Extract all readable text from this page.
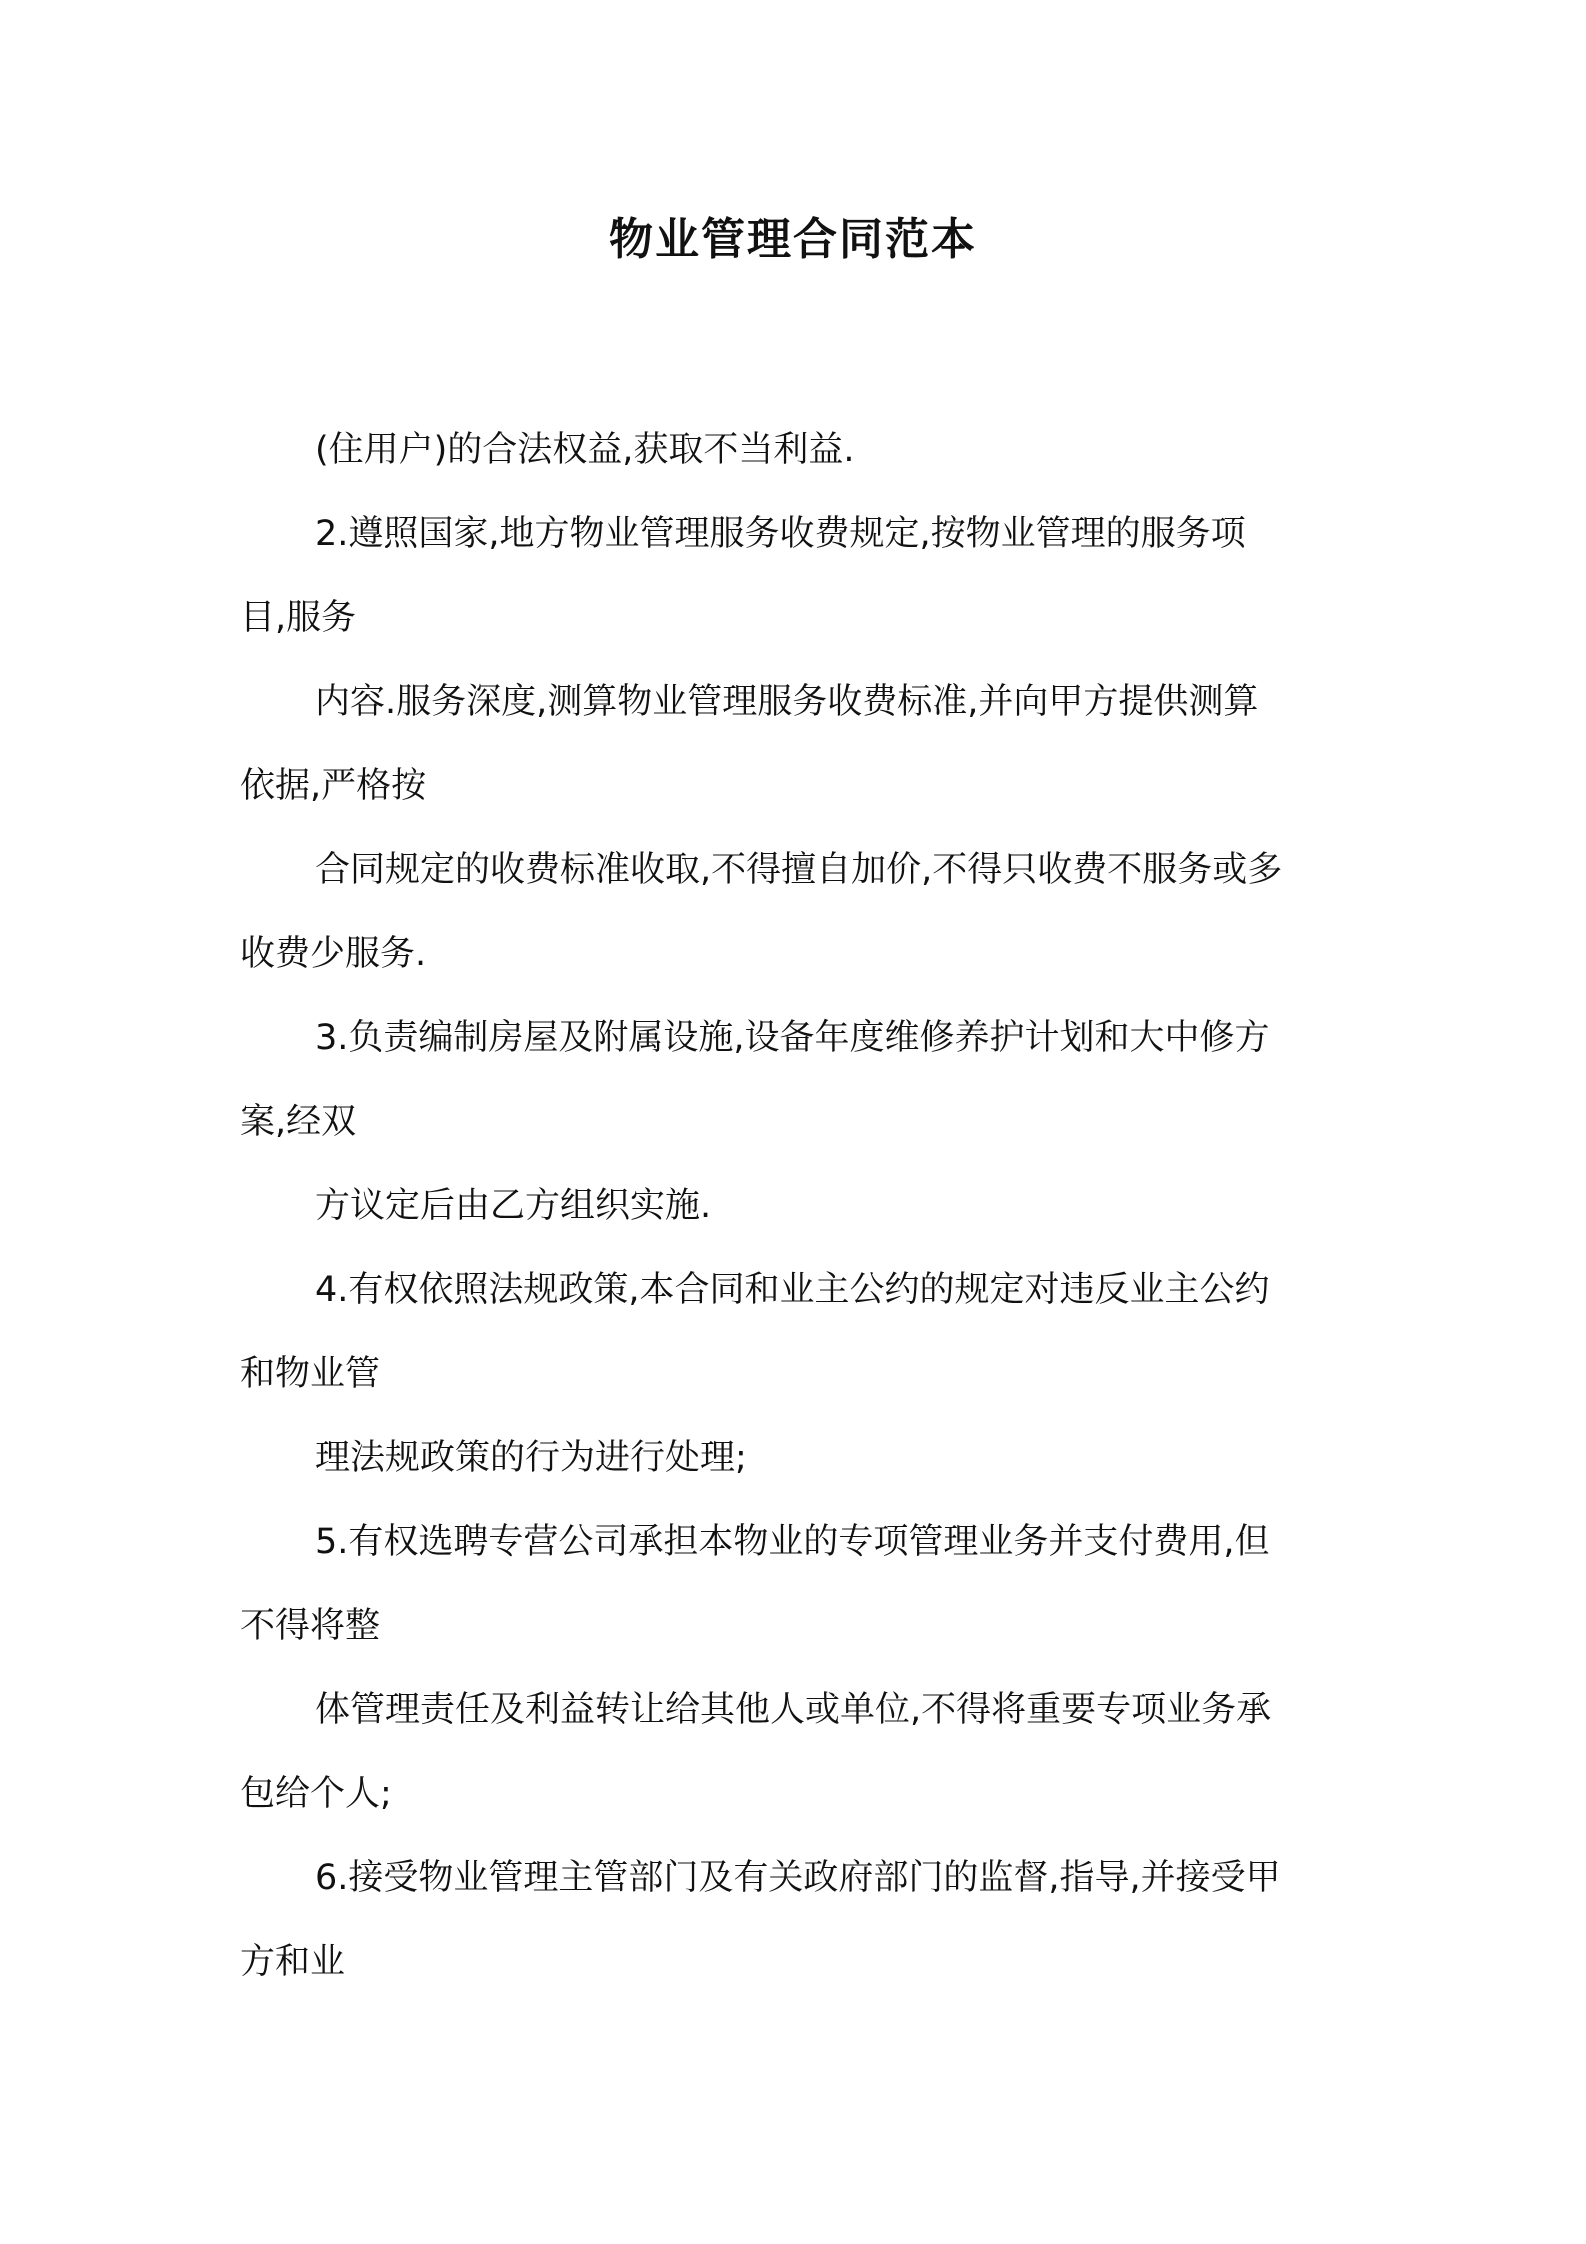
物业管理合同范本
(住用户)的合法权益,获取不当利益.
2.遵照国家,地方物业管理服务收费规定,按物业管理的服务项
目,服务
内容.服务深度,测算物业管理服务收费标准,并向甲方提供测算
依据,严格按
合同规定的收费标准收取,不得擅自加价,不得只收费不服务或多
收费少服务.
3.负责编制房屋及附属设施,设备年度维修养护计划和大中修方
案,经双
方议定后由乙方组织实施.
4.有权依照法规政策,本合同和业主公约的规定对违反业主公约
和物业管
理法规政策的行为进行处理;
5.有权选聘专营公司承担本物业的专项管理业务并支付费用,但
不得将整
体管理责任及利益转让给其他人或单位,不得将重要专项业务承
包给个人;
6.接受物业管理主管部门及有关政府部门的监督,指导,并接受甲
方和业
